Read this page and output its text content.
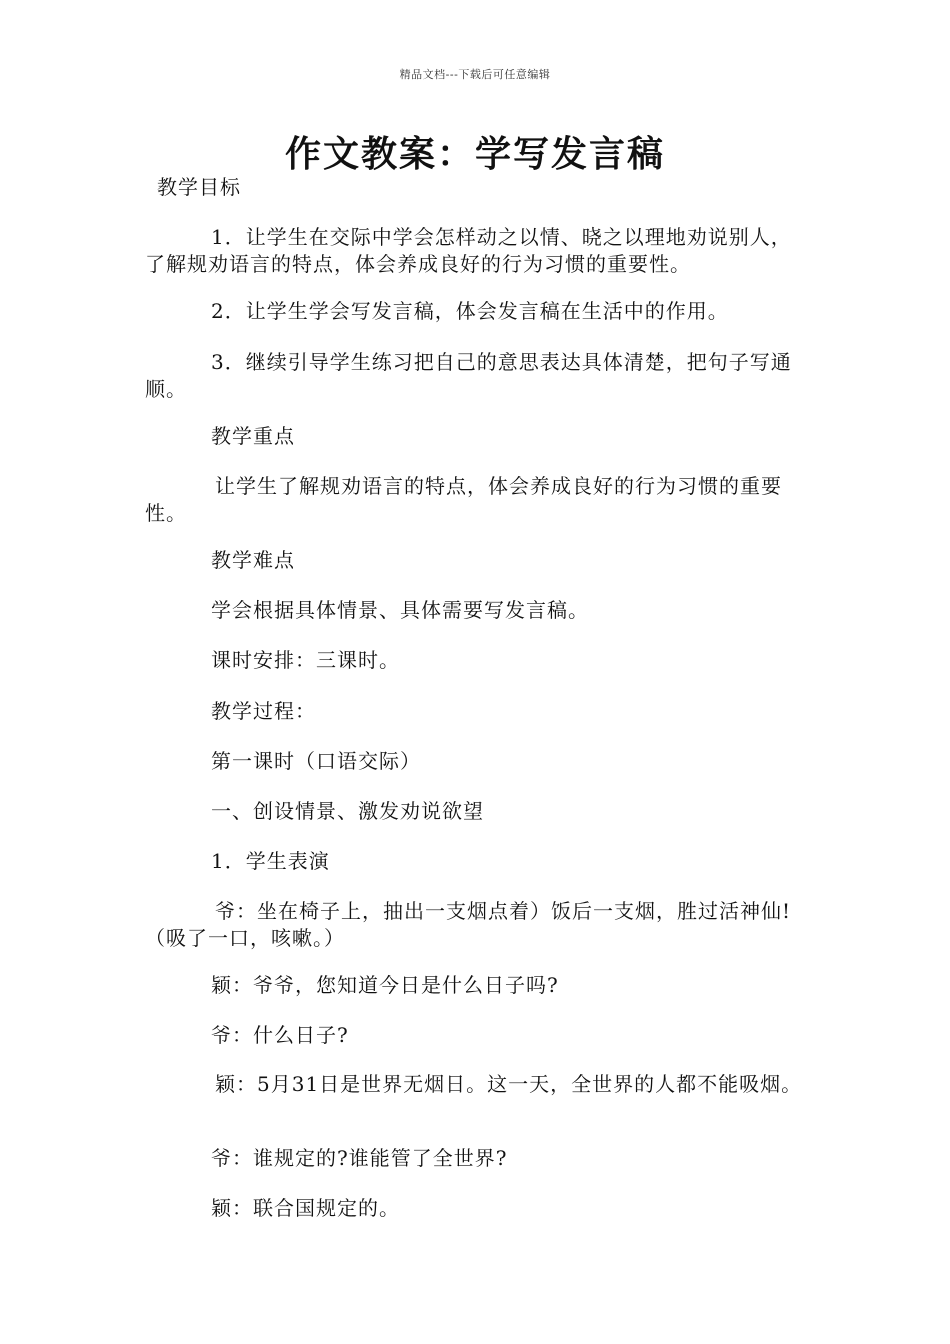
精品文档---下载后可任意编辑
作文教案：学写发言稿
教学目标

1．让学生在交际中学会怎样动之以情、晓之以理地劝说别人，了解规劝语言的特点，体会养成良好的行为习惯的重要性。

2．让学生学会写发言稿，体会发言稿在生活中的作用。

3．继续引导学生练习把自己的意思表达具体清楚，把句子写通顺。

教学重点

让学生了解规劝语言的特点，体会养成良好的行为习惯的重要性。

教学难点

学会根据具体情景、具体需要写发言稿。

课时安排：三课时。

教学过程：

第一课时（口语交际）

一、创设情景、激发劝说欲望

1．学生表演

爷：坐在椅子上，抽出一支烟点着）饭后一支烟，胜过活神仙!（吸了一口，咳嗽。）

颖：爷爷，您知道今日是什么日子吗?

爷：什么日子?

颖：5月31日是世界无烟日。这一天，全世界的人都不能吸烟。

爷：谁规定的?谁能管了全世界?

颖：联合国规定的。
